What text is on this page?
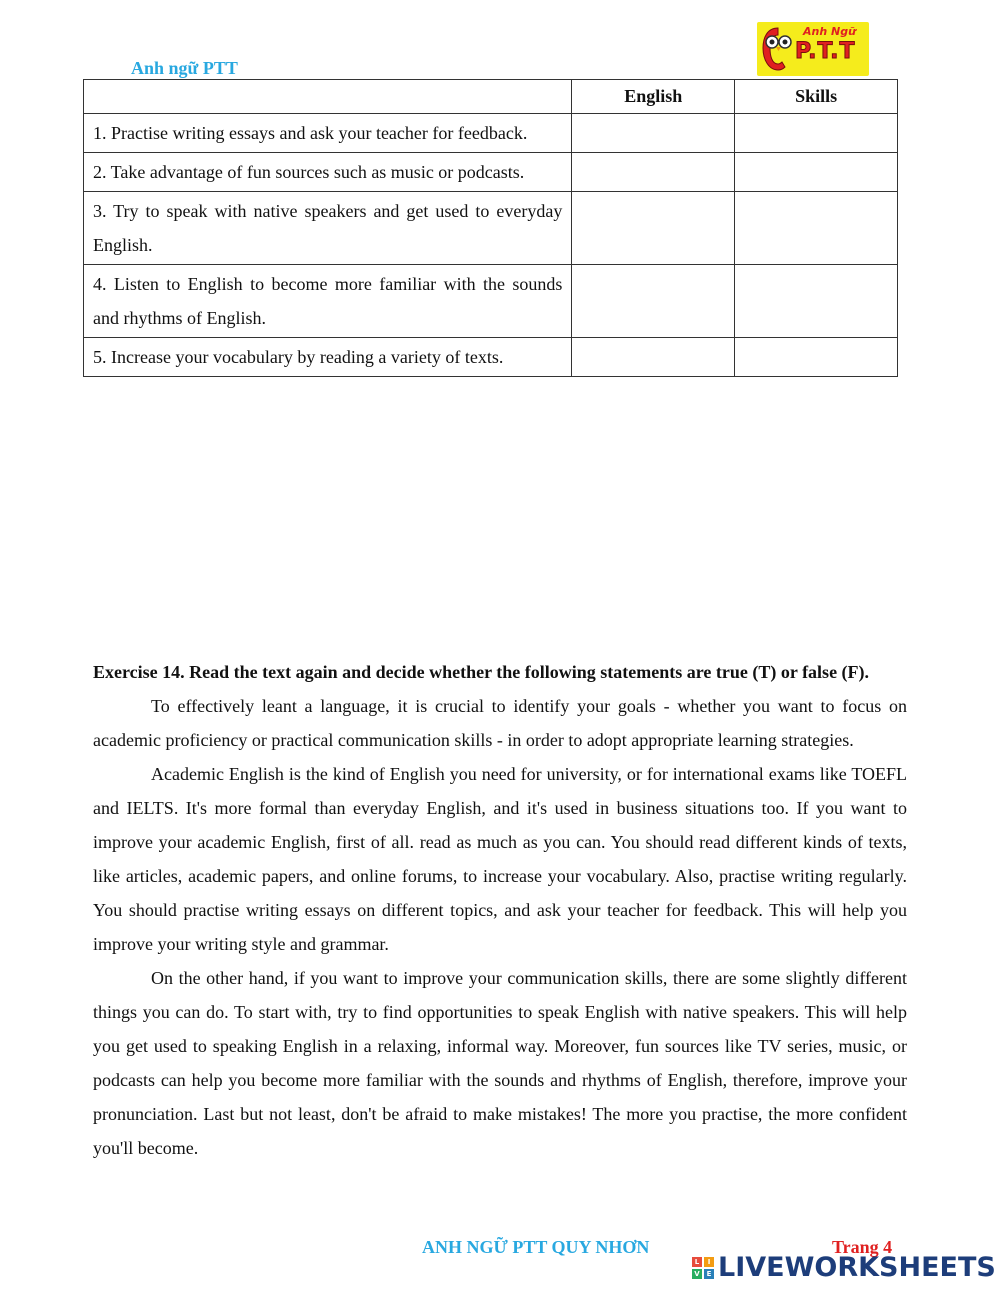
Anh ngữ PTT
Anh Ngữ
P.T.T
	English	Skills
1. Practise writing essays and ask your teacher for feedback.		
2. Take advantage of fun sources such as music or podcasts.		
3. Try to speak with native speakers and get used to everyday English.		
4. Listen to English to become more familiar with the sounds and rhythms of English.		
5. Increase your vocabulary by reading a variety of texts.		

Exercise 14. Read the text again and decide whether the following statements are true (T) or false (F).

To effectively leant a language, it is crucial to identify your goals - whether you want to focus on academic proficiency or practical communication skills - in order to adopt appropriate learning strategies.

Academic English is the kind of English you need for university, or for international exams like TOEFL and IELTS. It's more formal than everyday English, and it's used in business situations too. If you want to improve your academic English, first of all. read as much as you can. You should read different kinds of texts, like articles, academic papers, and online forums, to increase your vocabulary. Also, practise writing regularly. You should practise writing essays on different topics, and ask your teacher for feedback. This will help you improve your writing style and grammar.

On the other hand, if you want to improve your communication skills, there are some slightly different things you can do. To start with, try to find opportunities to speak English with native speakers. This will help you get used to speaking English in a relaxing, informal way. Moreover, fun sources like TV series, music, or podcasts can help you become more familiar with the sounds and rhythms of English, therefore, improve your pronunciation. Last but not least, don't be afraid to make mistakes! The more you practise, the more confident you'll become.

ANH NGỮ PTT QUY NHƠN	Trang 4
L	I
V E LIVEWORKSHEETS
